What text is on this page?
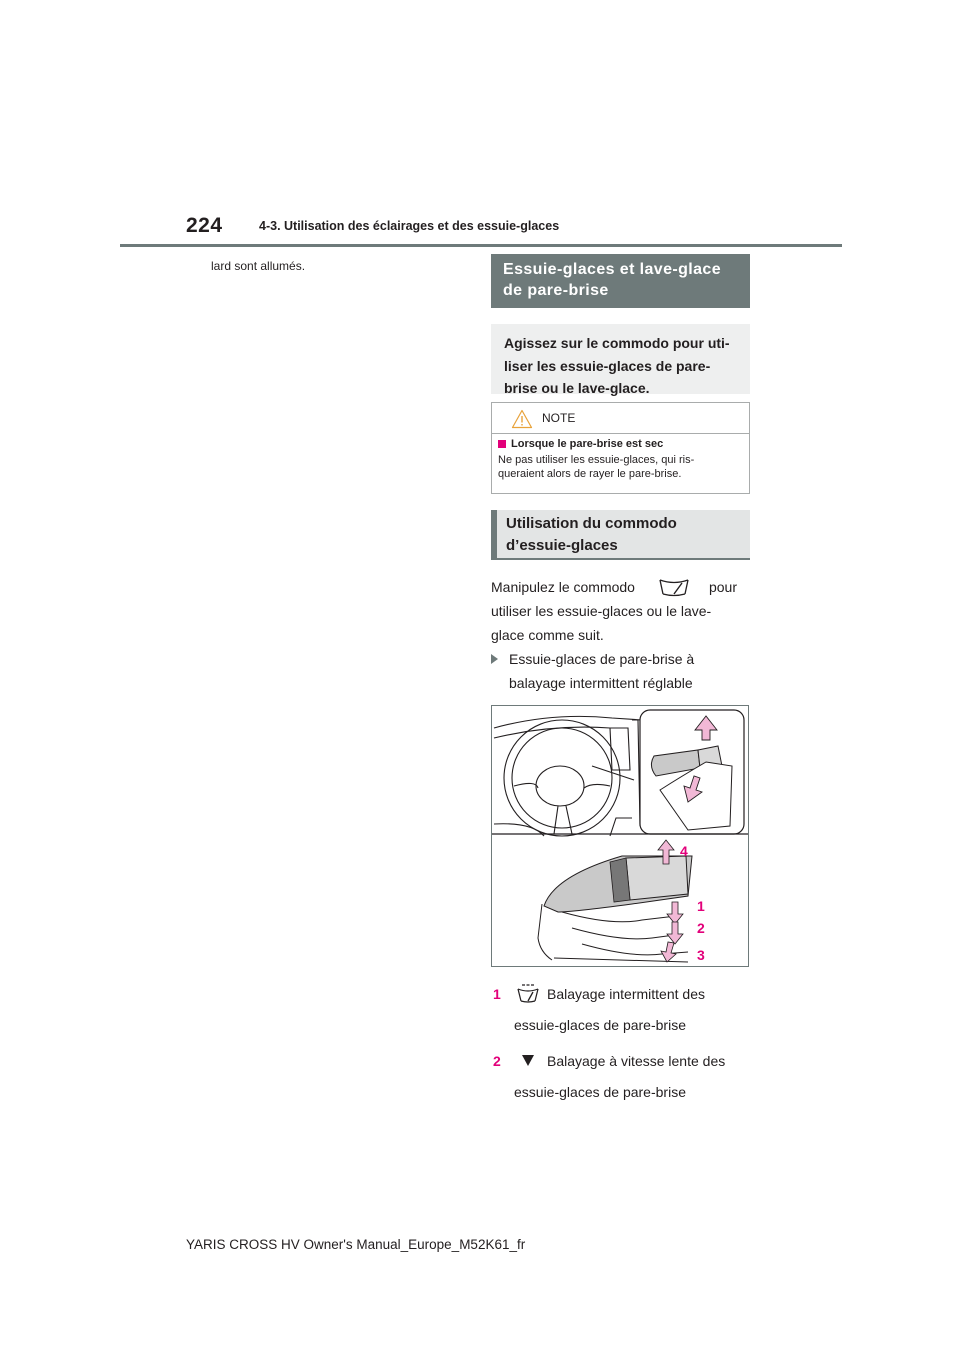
224	4-3. Utilisation des éclairages et des essuie-glaces
lard sont allumés.	Essuie-glaces et lave-glace
de pare-brise
Agissez sur le commodo pour uti-
liser les essuie-glaces de pare-
brise ou le lave-glace.
NOTE
Lorsque le pare-brise est sec
Ne pas utiliser les essuie-glaces, qui ris-
queraient alors de rayer le pare-brise.
Utilisation du commodo
d’essuie-glaces
Manipulez le commodo	pour
utiliser les essuie-glaces ou le lave-
glace comme suit.
Essuie-glaces de pare-brise à
balayage intermittent réglable
4
1
2
3
1	Balayage intermittent des
essuie-glaces de pare-brise
2	Balayage à vitesse lente des
essuie-glaces de pare-brise
YARIS CROSS HV Owner's Manual_Europe_M52K61_fr
